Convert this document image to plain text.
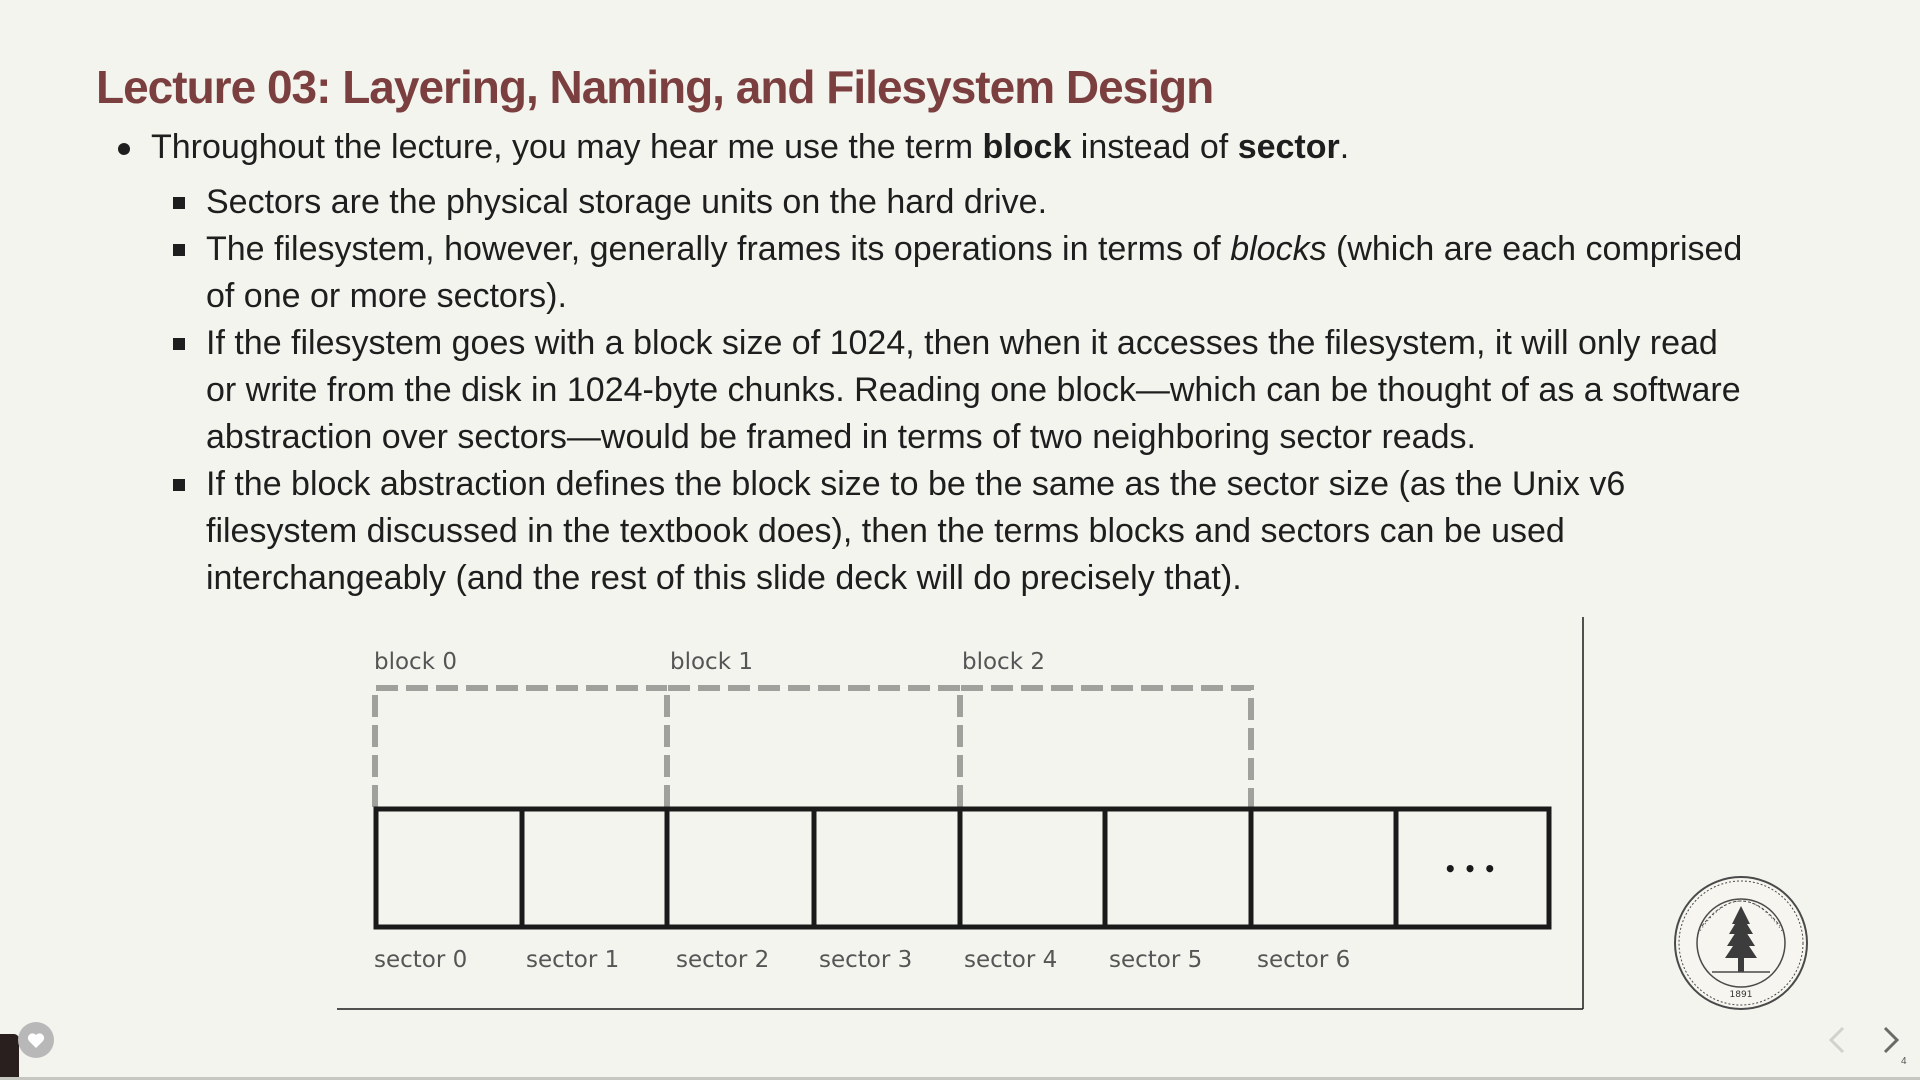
Lecture 03: Layering, Naming, and Filesystem Design
Throughout the lecture, you may hear me use the term block instead of sector.
Sectors are the physical storage units on the hard drive.
The filesystem, however, generally frames its operations in terms of blocks (which are each comprised of one or more sectors).
If the filesystem goes with a block size of 1024, then when it accesses the filesystem, it will only read or write from the disk in 1024-byte chunks. Reading one block—which can be thought of as a software abstraction over sectors—would be framed in terms of two neighboring sector reads.
If the block abstraction defines the block size to be the same as the sector size (as the Unix v6 filesystem discussed in the textbook does), then the terms blocks and sectors can be used interchangeably (and the rest of this slide deck will do precisely that).
block 0	block 1	block 2
• • •
sector 0	sector 1 sector 2 sector 3 sector 4 sector 5 sector 6
1891
4
